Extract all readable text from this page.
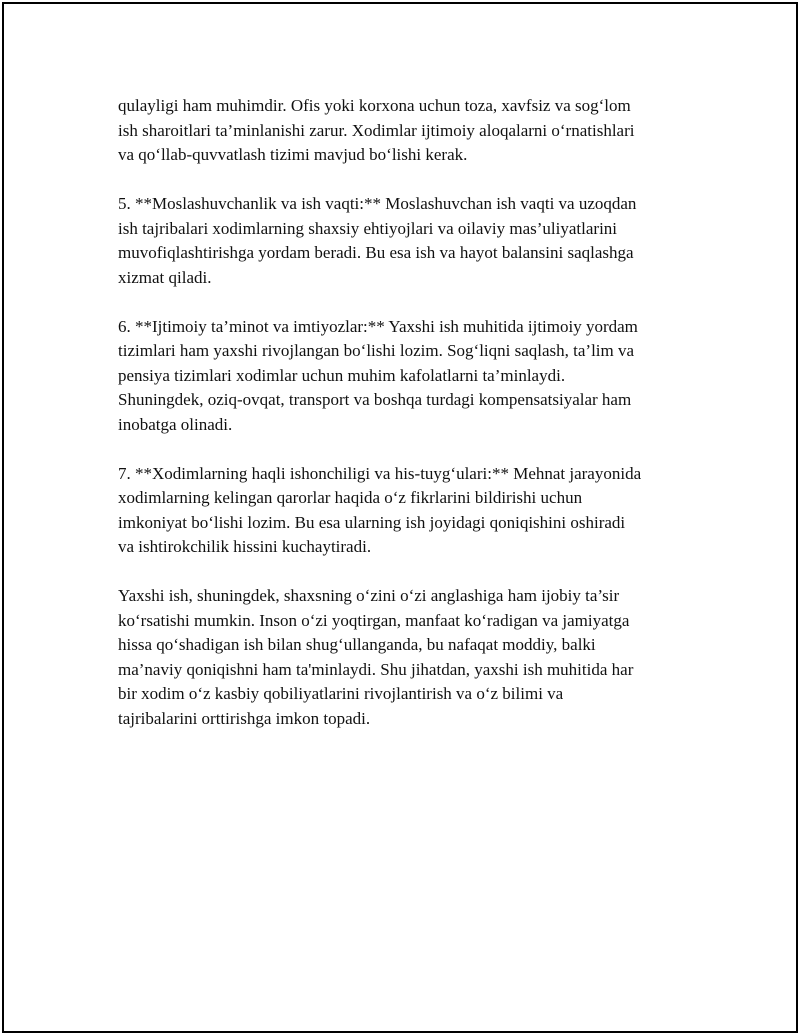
qulayligi ham muhimdir. Ofis yoki korxona uchun toza, xavfsiz va sog‘lom
ish sharoitlari ta’minlanishi zarur. Xodimlar ijtimoiy aloqalarni o‘rnatishlari
va qo‘llab-quvvatlash tizimi mavjud bo‘lishi kerak.

5. **Moslashuvchanlik va ish vaqti:** Moslashuvchan ish vaqti va uzoqdan
ish tajribalari xodimlarning shaxsiy ehtiyojlari va oilaviy mas’uliyatlarini
muvofiqlashtirishga yordam beradi. Bu esa ish va hayot balansini saqlashga
xizmat qiladi.

6. **Ijtimoiy ta’minot va imtiyozlar:** Yaxshi ish muhitida ijtimoiy yordam
tizimlari ham yaxshi rivojlangan bo‘lishi lozim. Sog‘liqni saqlash, ta’lim va
pensiya tizimlari xodimlar uchun muhim kafolatlarni ta’minlaydi.
Shuningdek, oziq-ovqat, transport va boshqa turdagi kompensatsiyalar ham
inobatga olinadi.

7. **Xodimlarning haqli ishonchiligi va his-tuyg‘ulari:** Mehnat jarayonida
xodimlarning kelingan qarorlar haqida o‘z fikrlarini bildirishi uchun
imkoniyat bo‘lishi lozim. Bu esa ularning ish joyidagi qoniqishini oshiradi
va ishtirokchilik hissini kuchaytiradi.

Yaxshi ish, shuningdek, shaxsning o‘zini o‘zi anglashiga ham ijobiy ta’sir
ko‘rsatishi mumkin. Inson o‘zi yoqtirgan, manfaat ko‘radigan va jamiyatga
hissa qo‘shadigan ish bilan shug‘ullanganda, bu nafaqat moddiy, balki
ma’naviy qoniqishni ham ta'minlaydi. Shu jihatdan, yaxshi ish muhitida har
bir xodim o‘z kasbiy qobiliyatlarini rivojlantirish va o‘z bilimi va
tajribalarini orttirishga imkon topadi.
